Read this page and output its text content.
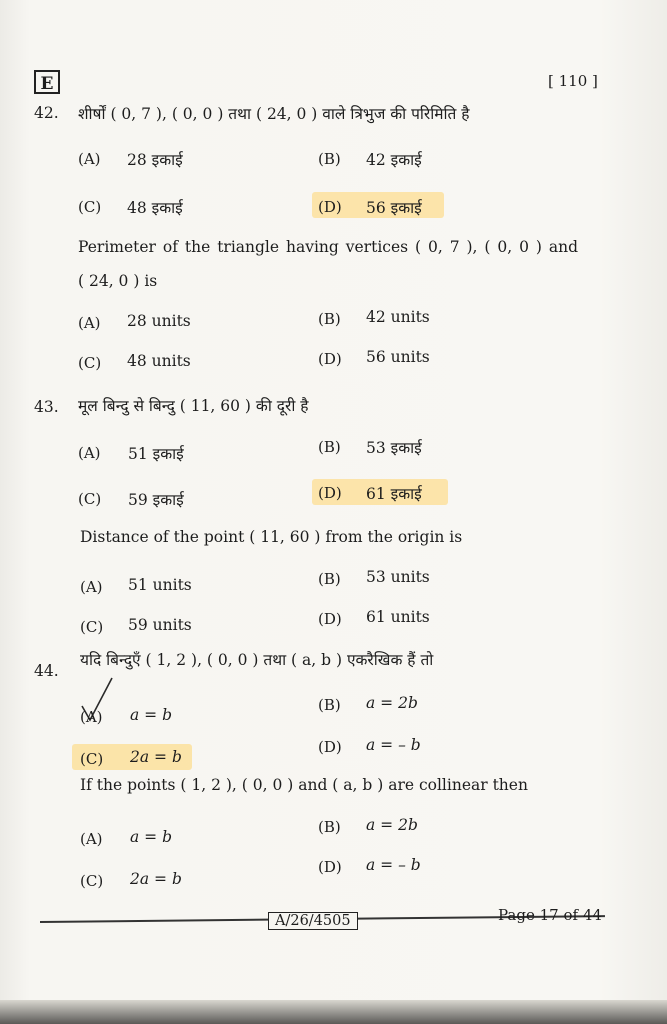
E	[ 110 ]
42. शीर्षों ( 0, 7 ), ( 0, 0 ) तथा ( 24, 0 ) वाले त्रिभुज की परिमिति है
(A) 28 इकाई	(B) 42 इकाई
(C) 48 इकाई	(D) 56 इकाई
Perimeter of the triangle having vertices ( 0, 7 ), ( 0, 0 ) and
( 24, 0 ) is
(A) 28 units	(B) 42 units
(C) 48 units	(D) 56 units
43. मूल बिन्दु से बिन्दु ( 11, 60 ) की दूरी है
(A) 51 इकाई	(B) 53 इकाई
(C) 59 इकाई	(D) 61 इकाई
Distance of the point ( 11, 60 ) from the origin is
(A) 51 units	(B) 53 units
(C) 59 units	(D) 61 units
44.
यदि बिन्दुएँ ( 1, 2 ), ( 0, 0 ) तथा ( a, b ) एकरैखिक हैं तो
(A) a = b
(B) a = 2b
(C) 2a = b
(D) a = – b
If the points ( 1, 2 ), ( 0, 0 ) and ( a, b ) are collinear then
(A) a = b
(B) a = 2b
(C) 2a = b
(D) a = – b
A/26/4505	Page 17 of 44
